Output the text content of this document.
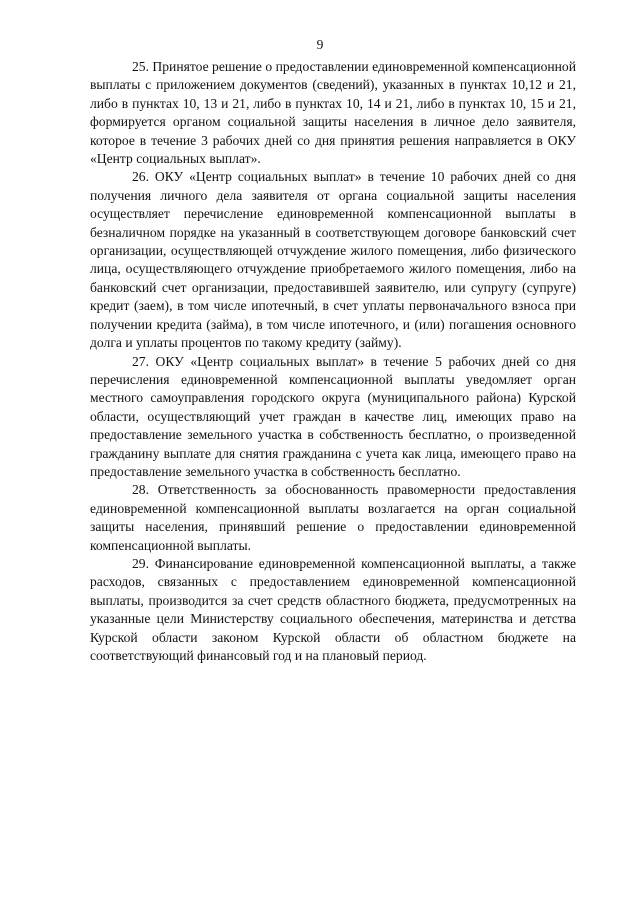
9

25. Принятое решение о предоставлении единовременной компенсационной выплаты с приложением документов (сведений), указанных в пунктах 10,12 и 21, либо в пунктах 10, 13 и 21, либо в пунктах 10, 14 и 21, либо в пунктах 10, 15 и 21, формируется органом социальной защиты населения в личное дело заявителя, которое в течение 3 рабочих дней со дня принятия решения направляется в ОКУ «Центр социальных выплат».

26. ОКУ «Центр социальных выплат» в течение 10 рабочих дней со дня получения личного дела заявителя от органа социальной защиты населения осуществляет перечисление единовременной компенсационной выплаты в безналичном порядке на указанный в соответствующем договоре банковский счет организации, осуществляющей отчуждение жилого помещения, либо физического лица, осуществляющего отчуждение приобретаемого жилого помещения, либо на банковский счет организации, предоставившей заявителю, или супругу (супруге) кредит (заем), в том числе ипотечный, в счет уплаты первоначального взноса при получении кредита (займа), в том числе ипотечного, и (или) погашения основного долга и уплаты процентов по такому кредиту (займу).

27. ОКУ «Центр социальных выплат» в течение 5 рабочих дней со дня перечисления единовременной компенсационной выплаты уведомляет орган местного самоуправления городского округа (муниципального района) Курской области, осуществляющий учет граждан в качестве лиц, имеющих право на предоставление земельного участка в собственность бесплатно, о произведенной гражданину выплате для снятия гражданина с учета как лица, имеющего право на предоставление земельного участка в собственность бесплатно.

28. Ответственность за обоснованность правомерности предоставления единовременной компенсационной выплаты возлагается на орган социальной защиты населения, принявший решение о предоставлении единовременной компенсационной выплаты.

29. Финансирование единовременной компенсационной выплаты, а также расходов, связанных с предоставлением единовременной компенсационной выплаты, производится за счет средств областного бюджета, предусмотренных на указанные цели Министерству социального обеспечения, материнства и детства Курской области законом Курской области об областном бюджете на соответствующий финансовый год и на плановый период.
